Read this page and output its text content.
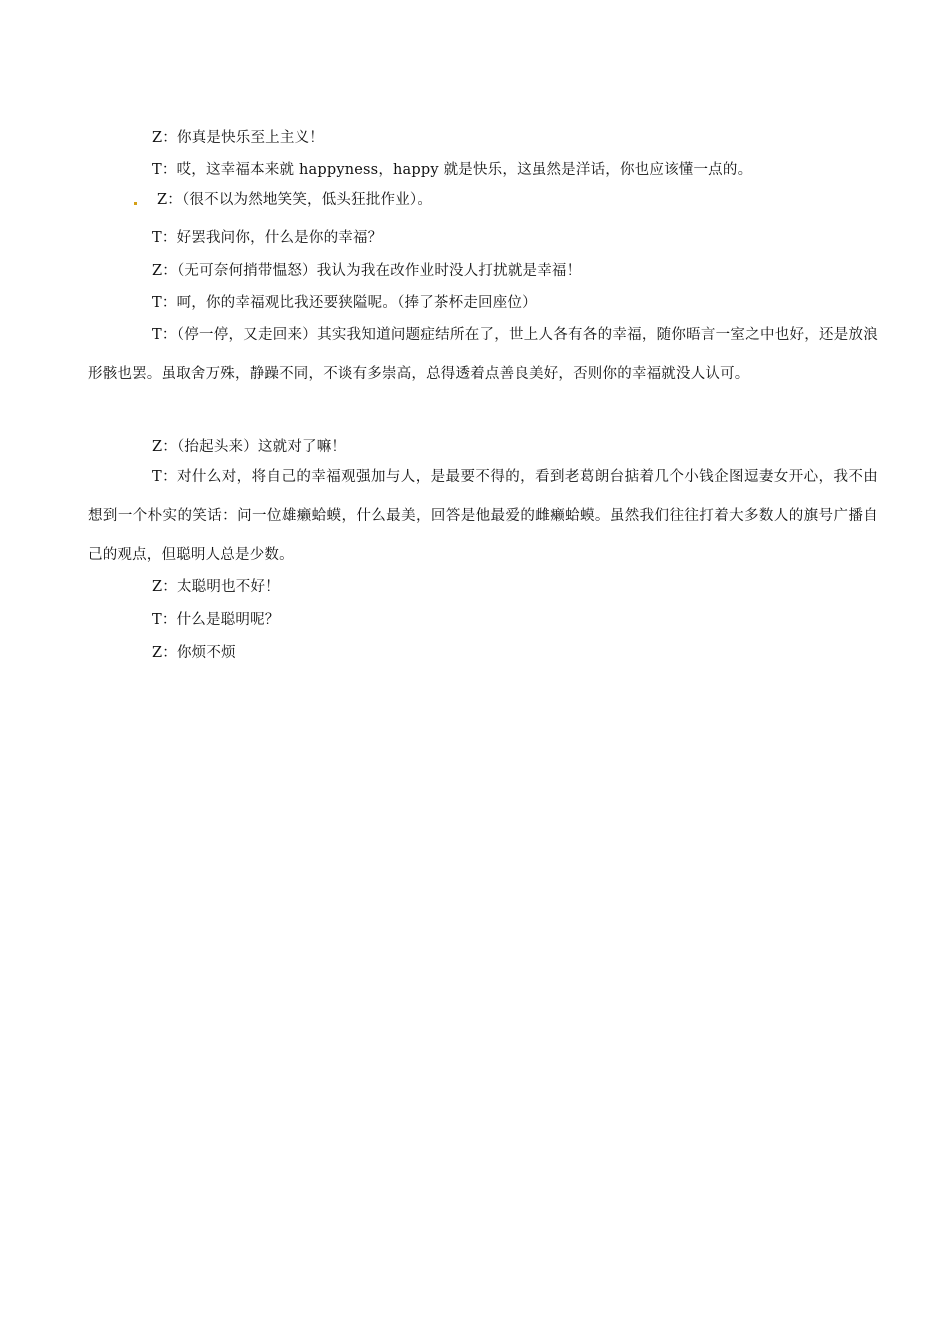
Z：你真是快乐至上主义！
T：哎，这幸福本来就 happyness，happy 就是快乐，这虽然是洋话，你也应该懂一点的。
Z：（很不以为然地笑笑，低头狂批作业）。
T：好罢我问你，什么是你的幸福？
Z：（无可奈何捎带愠怒）我认为我在改作业时没人打扰就是幸福！
T：呵，你的幸福观比我还要狭隘呢。（捧了茶杯走回座位）
T：（停一停，又走回来）其实我知道问题症结所在了，世上人各有各的幸福，随你晤言一室之中也好，还是放浪形骸也罢。虽取舍万殊，静躁不同，不谈有多崇高，总得透着点善良美好，否则你的幸福就没人认可。
Z：（抬起头来）这就对了嘛！
T：对什么对，将自己的幸福观强加与人，是最要不得的，看到老葛朗台掂着几个小钱企图逗妻女开心，我不由想到一个朴实的笑话：问一位雄癞蛤蟆，什么最美，回答是他最爱的雌癞蛤蟆。虽然我们往往打着大多数人的旗号广播自己的观点，但聪明人总是少数。
Z：太聪明也不好！
T：什么是聪明呢？
Z：你烦不烦
